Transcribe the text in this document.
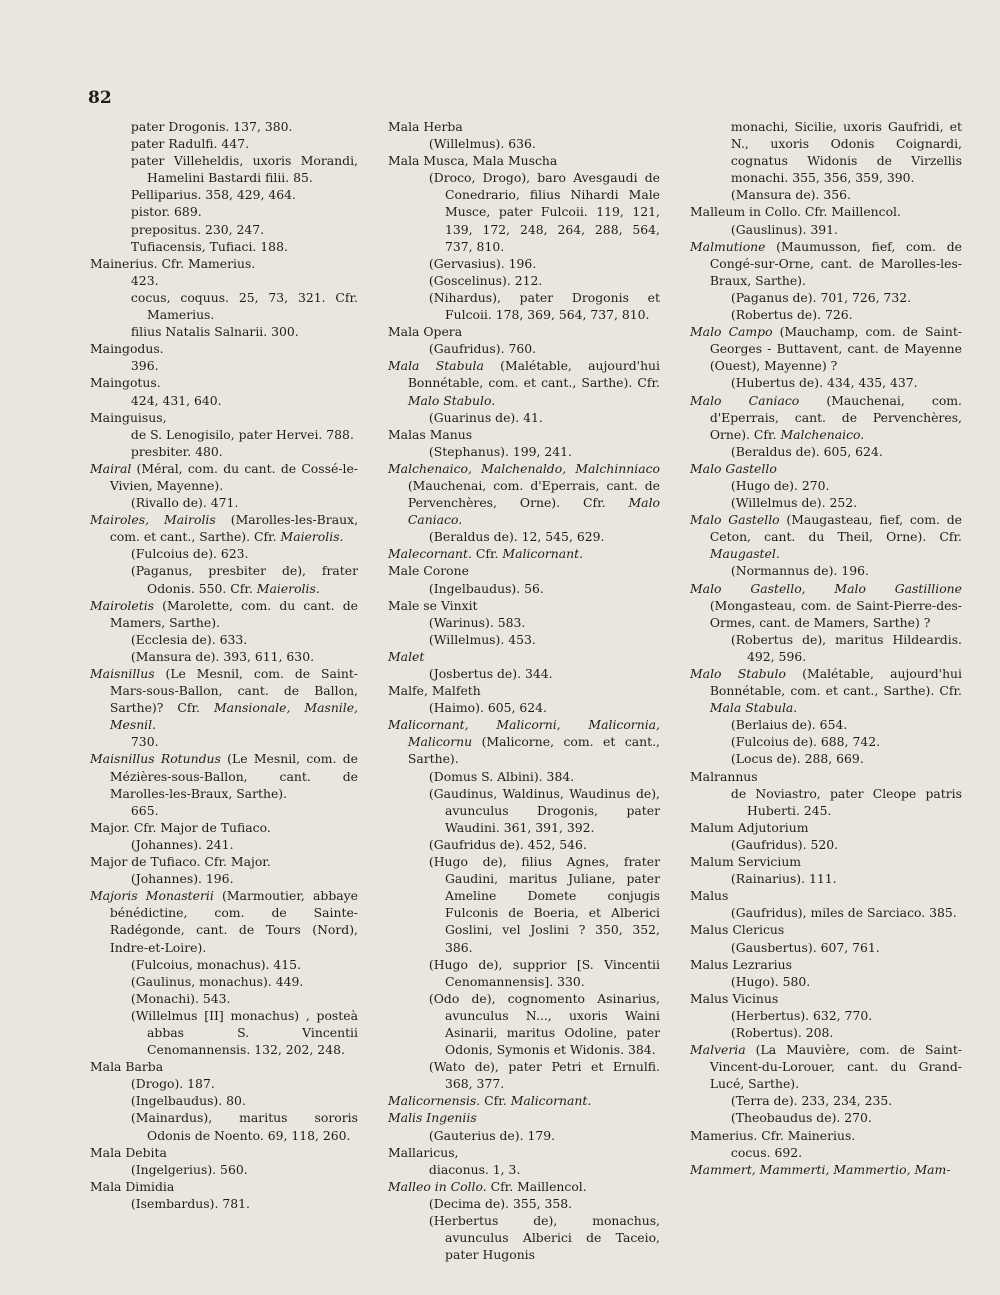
82

pater Drogonis. 137, 380.

pater Radulfi. 447.

pater Villeheldis, uxoris Morandi, Hamelini Bastardi filii. 85.

Pelliparius. 358, 429, 464.

pistor. 689.

prepositus. 230, 247.

Tufiacensis, Tufiaci. 188.

Mainerius. Cfr. Mamerius.

423.

cocus, coquus. 25, 73, 321. Cfr. Mamerius.

filius Natalis Salnarii. 300.

Maingodus.

396.

Maingotus.

424, 431, 640.

Mainguisus,

de S. Lenogisilo, pater Hervei. 788.

presbiter. 480.

Mairal (Méral, com. du cant. de Cossé-le-Vivien, Mayenne).

(Rivallo de). 471.

Mairoles, Mairolis (Marolles-les-Braux, com. et cant., Sarthe). Cfr. Maierolis.

(Fulcoius de). 623.

(Paganus, presbiter de), frater Odonis. 550. Cfr. Maierolis.

Mairoletis (Marolette, com. du cant. de Mamers, Sarthe).

(Ecclesia de). 633.

(Mansura de). 393, 611, 630.

Maisnillus (Le Mesnil, com. de Saint-Mars-sous-Ballon, cant. de Ballon, Sarthe)? Cfr. Mansionale, Masnile, Mesnil.

730.

Maisnillus Rotundus (Le Mesnil, com. de Mézières-sous-Ballon, cant. de Marolles-les-Braux, Sarthe).

665.

Major. Cfr. Major de Tufiaco.

(Johannes). 241.

Major de Tufiaco. Cfr. Major.

(Johannes). 196.

Majoris Monasterii (Marmoutier, abbaye bénédictine, com. de Sainte-Radégonde, cant. de Tours (Nord), Indre-et-Loire).

(Fulcoius, monachus). 415.

(Gaulinus, monachus). 449.

(Monachi). 543.

(Willelmus [II] monachus) , posteà abbas S. Vincentii Cenomannensis. 132, 202, 248.

Mala Barba

(Drogo). 187.

(Ingelbaudus). 80.

(Mainardus), maritus sororis Odonis de Noento. 69, 118, 260.

Mala Debita

(Ingelgerius). 560.

Mala Dimidia

(Isembardus). 781.

Mala Herba

(Willelmus). 636.

Mala Musca, Mala Muscha

(Droco, Drogo), baro Avesgaudi de Conedrario, filius Nihardi Male Musce, pater Fulcoii. 119, 121, 139, 172, 248, 264, 288, 564, 737, 810.

(Gervasius). 196.

(Goscelinus). 212.

(Nihardus), pater Drogonis et Fulcoii. 178, 369, 564, 737, 810.

Mala Opera

(Gaufridus). 760.

Mala Stabula (Malétable, aujourd'hui Bonnétable, com. et cant., Sarthe). Cfr. Malo Stabulo.

(Guarinus de). 41.

Malas Manus

(Stephanus). 199, 241.

Malchenaico, Malchenaldo, Malchinniaco (Mauchenai, com. d'Eperrais, cant. de Pervenchères, Orne). Cfr. Malo Caniaco.

(Beraldus de). 12, 545, 629.

Malecornant. Cfr. Malicornant.

Male Corone

(Ingelbaudus). 56.

Male se Vinxit

(Warinus). 583.

(Willelmus). 453.

Malet

(Josbertus de). 344.

Malfe, Malfeth

(Haimo). 605, 624.

Malicornant, Malicorni, Malicornia, Malicornu (Malicorne, com. et cant., Sarthe).

(Domus S. Albini). 384.

(Gaudinus, Waldinus, Waudinus de), avunculus Drogonis, pater Waudini. 361, 391, 392.

(Gaufridus de). 452, 546.

(Hugo de), filius Agnes, frater Gaudini, maritus Juliane, pater Ameline Domete conjugis Fulconis de Boeria, et Alberici Goslini, vel Joslini ? 350, 352, 386.

(Hugo de), supprior [S. Vincentii Cenomannensis]. 330.

(Odo de), cognomento Asinarius, avunculus N..., uxoris Waini Asinarii, maritus Odoline, pater Odonis, Symonis et Widonis. 384.

(Wato de), pater Petri et Ernulfi. 368, 377.

Malicornensis. Cfr. Malicornant.

Malis Ingeniis

(Gauterius de). 179.

Mallaricus,

diaconus. 1, 3.

Malleo in Collo. Cfr. Maillencol.

(Decima de). 355, 358.

(Herbertus de), monachus, avunculus Alberici de Taceio, pater Hugonis

monachi, Sicilie, uxoris Gaufridi, et N., uxoris Odonis Coignardi, cognatus Widonis de Virzellis monachi. 355, 356, 359, 390.

(Mansura de). 356.

Malleum in Collo. Cfr. Maillencol.

(Gauslinus). 391.

Malmutione (Maumusson, fief, com. de Congé-sur-Orne, cant. de Marolles-les-Braux, Sarthe).

(Paganus de). 701, 726, 732.

(Robertus de). 726.

Malo Campo (Mauchamp, com. de Saint-Georges - Buttavent, cant. de Mayenne (Ouest), Mayenne) ?

(Hubertus de). 434, 435, 437.

Malo Caniaco (Mauchenai, com. d'Eperrais, cant. de Pervenchères, Orne). Cfr. Malchenaico.

(Beraldus de). 605, 624.

Malo Gastello

(Hugo de). 270.

(Willelmus de). 252.

Malo Gastello (Maugasteau, fief, com. de Ceton, cant. du Theil, Orne). Cfr. Maugastel.

(Normannus de). 196.

Malo Gastello, Malo Gastillione (Mongasteau, com. de Saint-Pierre-des-Ormes, cant. de Mamers, Sarthe) ?

(Robertus de), maritus Hildeardis. 492, 596.

Malo Stabulo (Malétable, aujourd'hui Bonnétable, com. et cant., Sarthe). Cfr. Mala Stabula.

(Berlaius de). 654.

(Fulcoius de). 688, 742.

(Locus de). 288, 669.

Malrannus

de Noviastro, pater Cleope patris Huberti. 245.

Malum Adjutorium

(Gaufridus). 520.

Malum Servicium

(Rainarius). 111.

Malus

(Gaufridus), miles de Sarciaco. 385.

Malus Clericus

(Gausbertus). 607, 761.

Malus Lezrarius

(Hugo). 580.

Malus Vicinus

(Herbertus). 632, 770.

(Robertus). 208.

Malveria (La Mauvière, com. de Saint-Vincent-du-Lorouer, cant. du Grand-Lucé, Sarthe).

(Terra de). 233, 234, 235.

(Theobaudus de). 270.

Mamerius. Cfr. Mainerius.

cocus. 692.

Mammert, Mammerti, Mammertio, Mam-
